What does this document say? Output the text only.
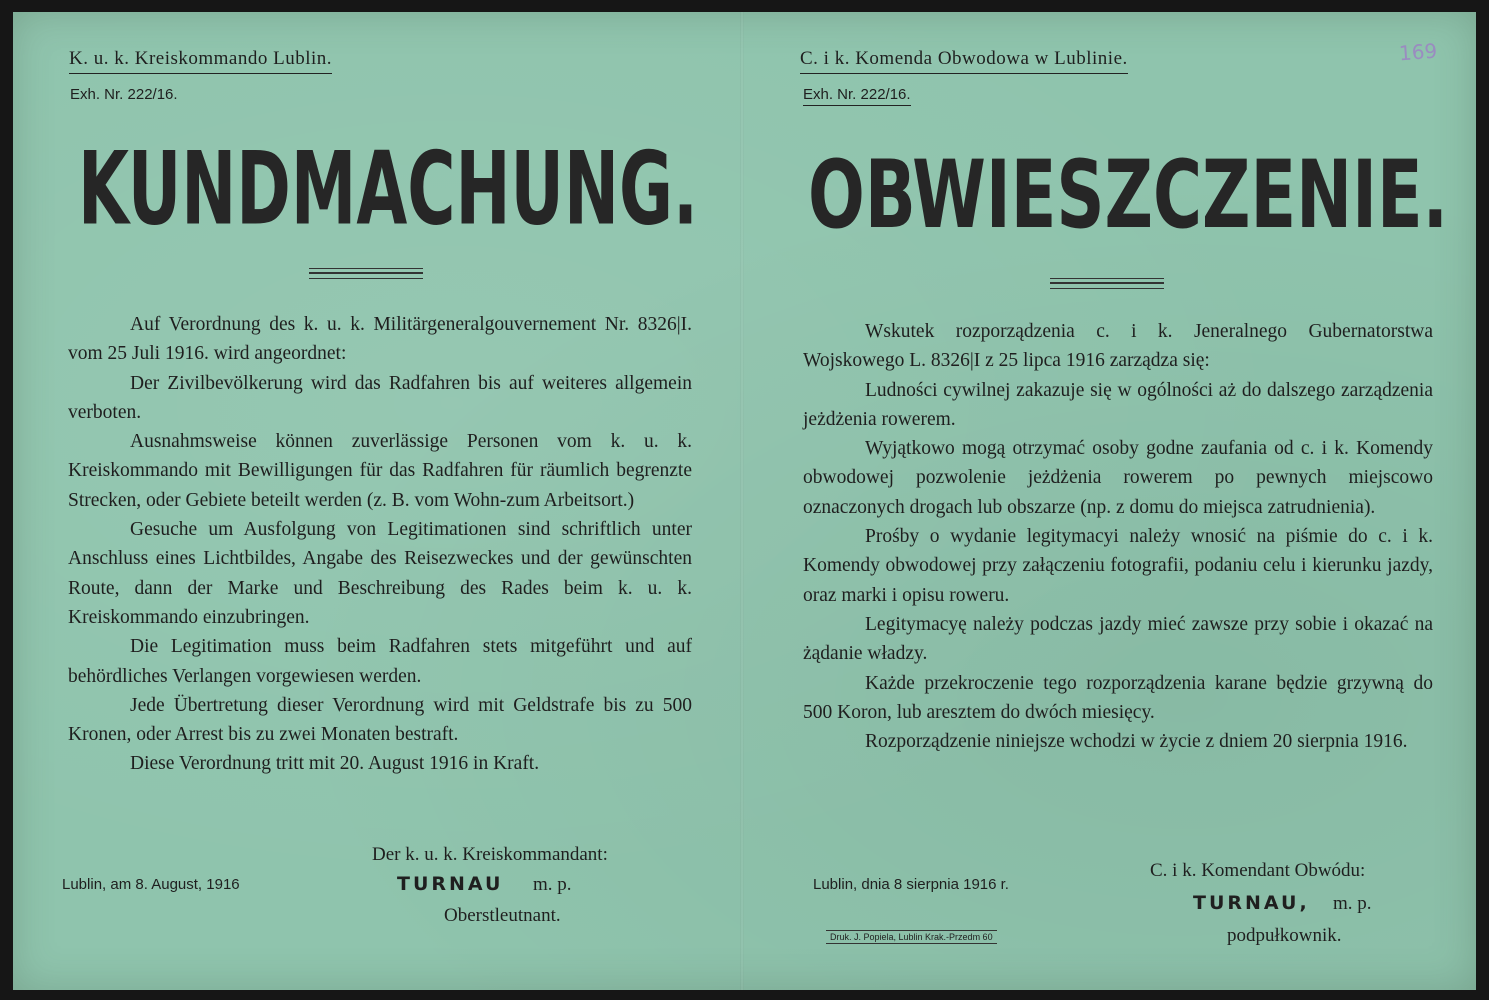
169
K. u. k. Kreiskommando Lublin.
Exh. Nr. 222/16.
KUNDMACHUNG.

Auf Verordnung des k. u. k. Militärgeneralgouvernement Nr. 8326|I. vom 25 Juli 1916. wird angeordnet:

Der Zivilbevölkerung wird das Radfahren bis auf weiteres allgemein verboten.

Ausnahmsweise können zuverlässige Personen vom k. u. k. Kreiskommando mit Bewilligungen für das Radfahren für räumlich begrenzte Strecken, oder Gebiete beteilt werden (z. B. vom Wohn-zum Arbeitsort.)

Gesuche um Ausfolgung von Legitimationen sind schriftlich unter Anschluss eines Lichtbildes, Angabe des Reisezweckes und der gewünschten Route, dann der Marke und Beschreibung des Rades beim k. u. k. Kreiskommando einzubringen.

Die Legitimation muss beim Radfahren stets mitgeführt und auf behördliches Verlangen vorgewiesen werden.

Jede Übertretung dieser Verordnung wird mit Geldstrafe bis zu 500 Kronen, oder Arrest bis zu zwei Monaten bestraft.

Diese Verordnung tritt mit 20. August 1916 in Kraft.

Der k. u. k. Kreiskommandant:
Lublin, am 8. August, 1916	TURNAU m. p.
Oberstleutnant.
C. i k. Komenda Obwodowa w Lublinie.
Exh. Nr. 222/16.
OBWIESZCZENIE.

Wskutek rozporządzenia c. i k. Jeneralnego Gubernatorstwa Wojskowego L. 8326|I z 25 lipca 1916 zarządza się:

Ludności cywilnej zakazuje się w ogólności aż do dalszego zarządzenia jeżdżenia rowerem.

Wyjątkowo mogą otrzymać osoby godne zaufania od c. i k. Komendy obwodowej pozwolenie jeżdżenia rowerem po pewnych miejscowo oznaczonych drogach lub obszarze (np. z domu do miejsca zatrudnienia).

Prośby o wydanie legitymacyi należy wnosić na piśmie do c. i k. Komendy obwodowej przy załączeniu fotografii, podaniu celu i kierunku jazdy, oraz marki i opisu roweru.

Legitymacyę należy podczas jazdy mieć zawsze przy sobie i okazać na żądanie władzy.

Każde przekroczenie tego rozporządzenia karane będzie grzywną do 500 Koron, lub aresztem do dwóch miesięcy.

Rozporządzenie niniejsze wchodzi w życie z dniem 20 sierpnia 1916.

C. i k. Komendant Obwódu:
Lublin, dnia 8 sierpnia 1916 r.
TURNAU, m. p.
Druk. J. Popiela, Lublin Krak.-Przedm 60	podpułkownik.
